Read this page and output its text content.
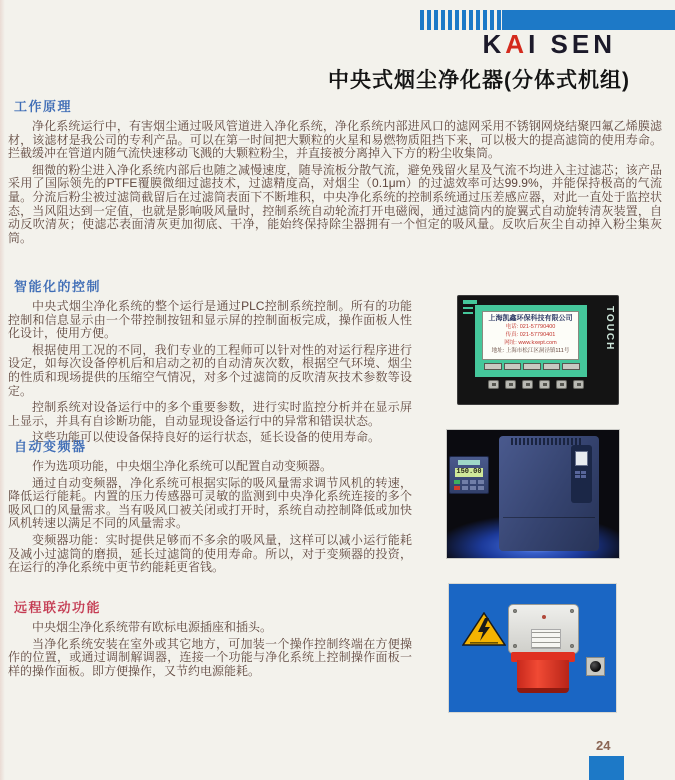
KAI SEN
中央式烟尘净化器(分体式机组)
工作原理

净化系统运行中，有害烟尘通过吸风管道进入净化系统，净化系统内部进风口的滤网采用不锈钢网烧结聚四氟乙烯膜滤材，该滤材是我公司的专利产品。可以在第一时间把大颗粒的火星和易燃物质阻挡下来，可以极大的提高滤筒的使用寿命。拦截缓冲在管道内随气流快速移动飞溅的大颗粒粉尘，并直接被分离掉入下方的粉尘收集筒。

细微的粉尘进入净化系统内部后也随之减慢速度，随导流板分散气流，避免残留火星及气流不均进入主过滤芯；该产品采用了国际领先的PTFE覆膜微细过滤技术，过滤精度高，对烟尘（0.1μm）的过滤效率可达99.9%，并能保持极高的气流量。分流后粉尘被过滤筒截留后在过滤筒表面下不断堆积，中央净化系统的控制系统通过压差感应器，对此一直处于监控状态，当风阻达到一定值，也就是影响吸风量时，控制系统自动轮流打开电磁阀，通过滤筒内的旋翼式自动旋转清灰装置，自动反吹清灰；使滤芯表面清灰更加彻底、干净，能始终保持除尘器拥有一个恒定的吸风量。反吹后灰尘自动掉入粉尘集灰筒。

智能化的控制

中央式烟尘净化系统的整个运行是通过PLC控制系统控制。所有的功能控制和信息显示由一个带控制按钮和显示屏的控制面板完成，操作面板人性化设计，使用方便。

根据使用工况的不同，我们专业的工程师可以针对性的对运行程序进行设定，如每次设备停机后和启动之初的自动清灰次数，根据空气环境、烟尘的性质和现场提供的压缩空气情况，对多个过滤筒的反吹清灰技术参数等设定。

控制系统对设备运行中的多个重要参数，进行实时监控分析并在显示屏上显示，并具有自诊断功能，自动显现设备运行中的异常和错误状态。

这些功能可以使设备保持良好的运行状态，延长设备的使用寿命。

上海凯鑫环保科技有限公司
电话: 021-57790400
传真: 021-57790401
网址: www.kxept.com
地址: 上海市松江区洞泾镇111号	TOUCH
自动变频器

作为选项功能，中央烟尘净化系统可以配置自动变频器。

通过自动变频器，净化系统可根据实际的吸风量需求调节风机的转速，降低运行能耗。内置的压力传感器可灵敏的监测到中央净化系统连接的多个吸风口的风量需求。当有吸风口被关闭或打开时，系统自动控制降低或加快风机转速以满足不同的风量需求。

变频器功能：实时提供足够而不多余的吸风量，这样可以减小运行能耗及减小过滤筒的磨损，延长过滤筒的使用寿命。所以，对于变频器的投资，在运行的净化系统中更节约能耗更省钱。

150.00
远程联动功能

中央烟尘净化系统带有欧标电源插座和插头。

当净化系统安装在室外或其它地方，可加装一个操作控制终端在方便操作的位置，或通过调制解调器，连接一个功能与净化系统上控制操作面板一样的操作面板。即方便操作，又节约电源能耗。

24
